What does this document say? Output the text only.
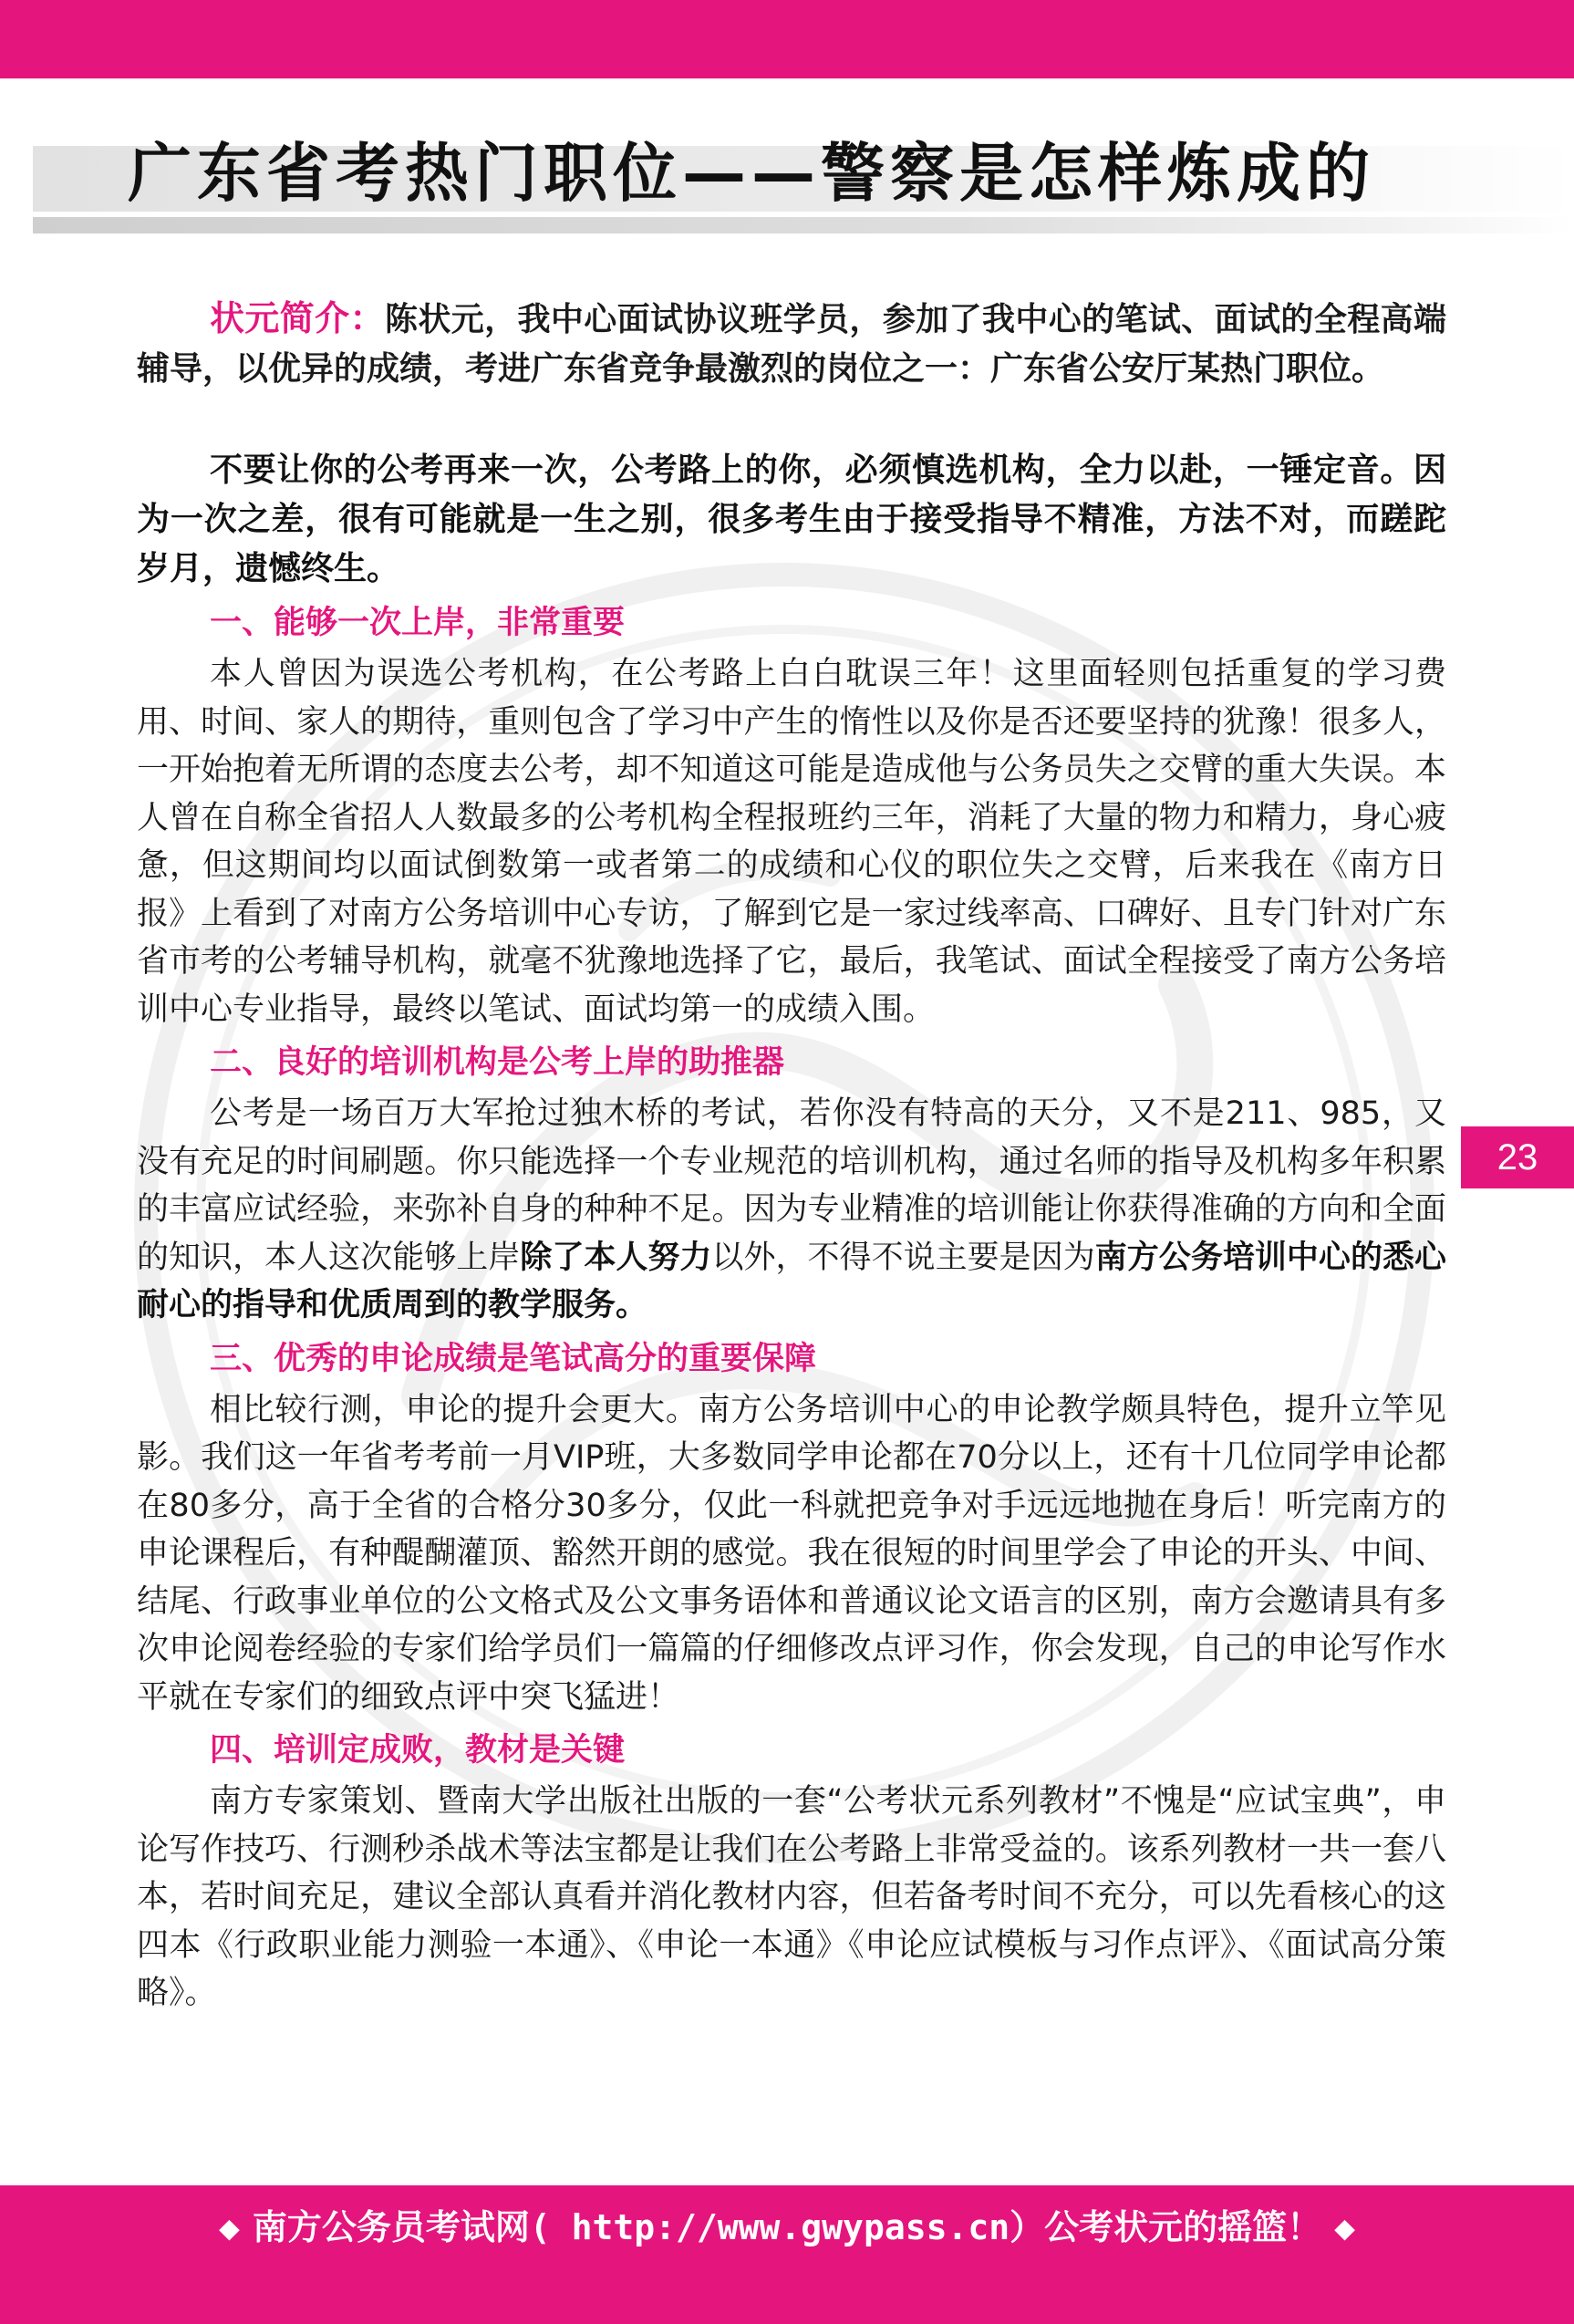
广东省考热门职位——警察是怎样炼成的
23

状元简介：陈状元，我中心面试协议班学员，参加了我中心的笔试、面试的全程高端辅导，以优异的成绩，考进广东省竞争最激烈的岗位之一：广东省公安厅某热门职位。

不要让你的公考再来一次，公考路上的你，必须慎选机构，全力以赴，一锤定音。因为一次之差，很有可能就是一生之别，很多考生由于接受指导不精准，方法不对，而蹉跎岁月，遗憾终生。

一、能够一次上岸，非常重要

本人曾因为误选公考机构，在公考路上白白耽误三年！这里面轻则包括重复的学习费用、时间、家人的期待，重则包含了学习中产生的惰性以及你是否还要坚持的犹豫！很多人，一开始抱着无所谓的态度去公考，却不知道这可能是造成他与公务员失之交臂的重大失误。本人曾在自称全省招人人数最多的公考机构全程报班约三年，消耗了大量的物力和精力，身心疲惫，但这期间均以面试倒数第一或者第二的成绩和心仪的职位失之交臂，后来我在《南方日报》上看到了对南方公务培训中心专访，了解到它是一家过线率高、口碑好、且专门针对广东省市考的公考辅导机构，就毫不犹豫地选择了它，最后，我笔试、面试全程接受了南方公务培训中心专业指导，最终以笔试、面试均第一的成绩入围。

二、良好的培训机构是公考上岸的助推器

公考是一场百万大军抢过独木桥的考试，若你没有特高的天分，又不是211、985，又没有充足的时间刷题。你只能选择一个专业规范的培训机构，通过名师的指导及机构多年积累的丰富应试经验，来弥补自身的种种不足。因为专业精准的培训能让你获得准确的方向和全面的知识，本人这次能够上岸除了本人努力以外，不得不说主要是因为南方公务培训中心的悉心耐心的指导和优质周到的教学服务。

三、优秀的申论成绩是笔试高分的重要保障

相比较行测，申论的提升会更大。南方公务培训中心的申论教学颇具特色，提升立竿见影。我们这一年省考考前一月VIP班，大多数同学申论都在70分以上，还有十几位同学申论都在80多分，高于全省的合格分30多分，仅此一科就把竞争对手远远地抛在身后！听完南方的申论课程后，有种醍醐灌顶、豁然开朗的感觉。我在很短的时间里学会了申论的开头、中间、结尾、行政事业单位的公文格式及公文事务语体和普通议论文语言的区别，南方会邀请具有多次申论阅卷经验的专家们给学员们一篇篇的仔细修改点评习作，你会发现，自己的申论写作水平就在专家们的细致点评中突飞猛进！

四、培训定成败，教材是关键

南方专家策划、暨南大学出版社出版的一套“公考状元系列教材”不愧是“应试宝典”，申论写作技巧、行测秒杀战术等法宝都是让我们在公考路上非常受益的。该系列教材一共一套八本，若时间充足，建议全部认真看并消化教材内容，但若备考时间不充分，可以先看核心的这四本《行政职业能力测验一本通》、《申论一本通》《申论应试模板与习作点评》、《面试高分策略》。

◆ 南方公务员考试网( http://www.gwypass.cn）公考状元的摇篮！ ◆
